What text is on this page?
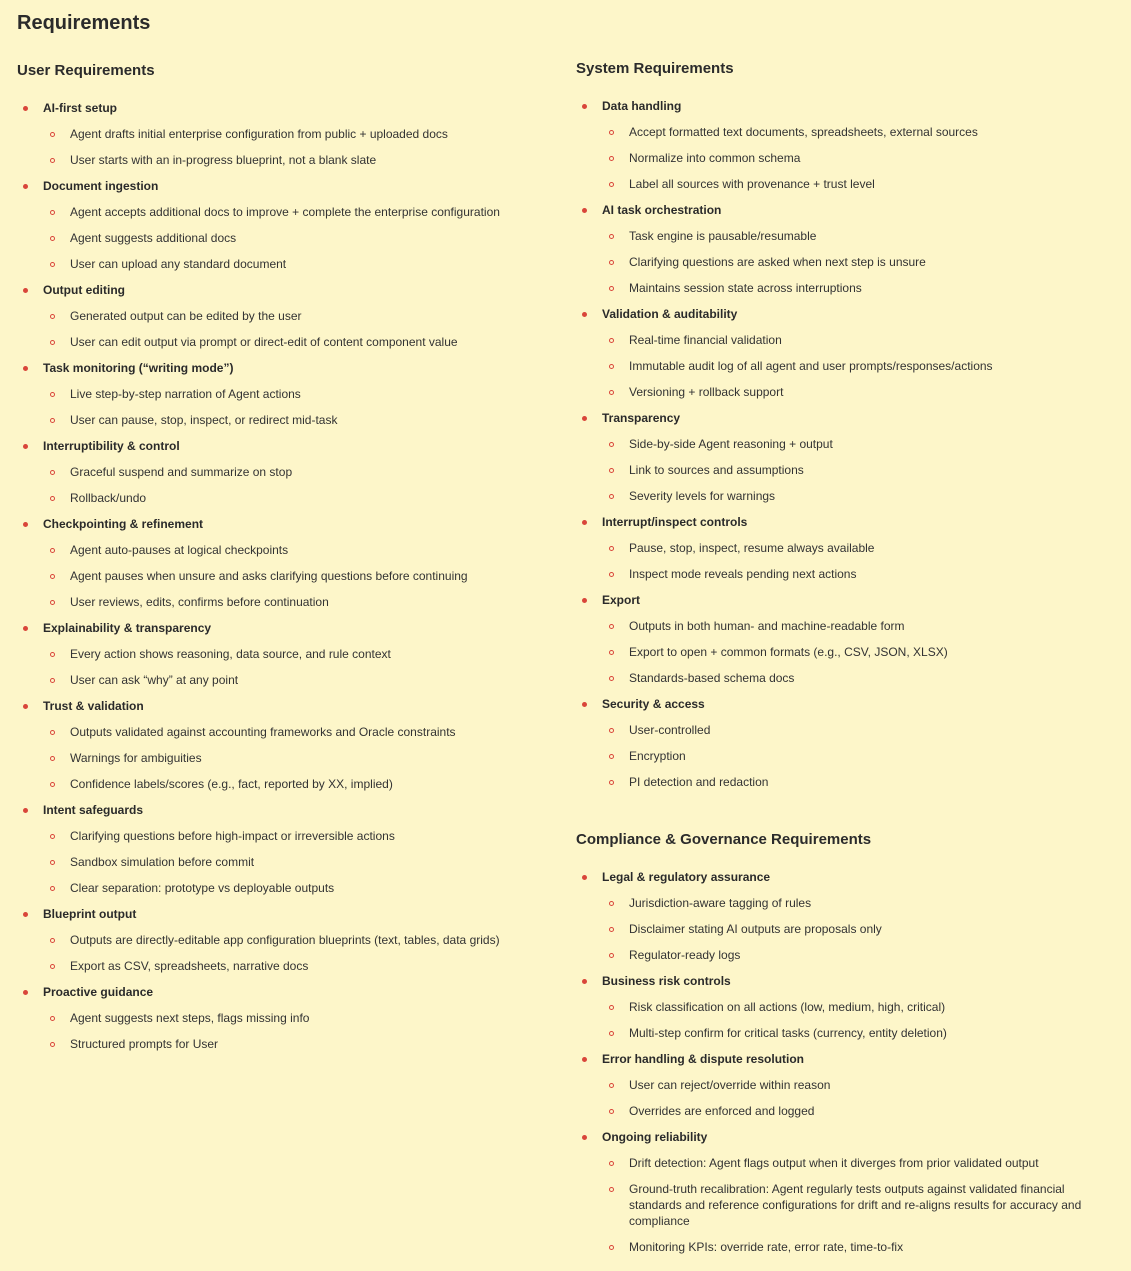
Requirements
User Requirements
AI-first setup
Agent drafts initial enterprise configuration from public + uploaded docs
User starts with an in-progress blueprint, not a blank slate
Document ingestion
Agent accepts additional docs to improve + complete the enterprise configuration
Agent suggests additional docs
User can upload any standard document
Output editing
Generated output can be edited by the user
User can edit output via prompt or direct-edit of content component value
Task monitoring (“writing mode”)
Live step-by-step narration of Agent actions
User can pause, stop, inspect, or redirect mid-task
Interruptibility & control
Graceful suspend and summarize on stop
Rollback/undo
Checkpointing & refinement
Agent auto-pauses at logical checkpoints
Agent pauses when unsure and asks clarifying questions before continuing
User reviews, edits, confirms before continuation
Explainability & transparency
Every action shows reasoning, data source, and rule context
User can ask “why” at any point
Trust & validation
Outputs validated against accounting frameworks and Oracle constraints
Warnings for ambiguities
Confidence labels/scores (e.g., fact, reported by XX, implied)
Intent safeguards
Clarifying questions before high-impact or irreversible actions
Sandbox simulation before commit
Clear separation: prototype vs deployable outputs
Blueprint output
Outputs are directly-editable app configuration blueprints (text, tables, data grids)
Export as CSV, spreadsheets, narrative docs
Proactive guidance
Agent suggests next steps, flags missing info
Structured prompts for User
System Requirements
Data handling
Accept formatted text documents, spreadsheets, external sources
Normalize into common schema
Label all sources with provenance + trust level
AI task orchestration
Task engine is pausable/resumable
Clarifying questions are asked when next step is unsure
Maintains session state across interruptions
Validation & auditability
Real-time financial validation
Immutable audit log of all agent and user prompts/responses/actions
Versioning + rollback support
Transparency
Side-by-side Agent reasoning + output
Link to sources and assumptions
Severity levels for warnings
Interrupt/inspect controls
Pause, stop, inspect, resume always available
Inspect mode reveals pending next actions
Export
Outputs in both human- and machine-readable form
Export to open + common formats (e.g., CSV, JSON, XLSX)
Standards-based schema docs
Security & access
User-controlled
Encryption
PI detection and redaction
Compliance & Governance Requirements
Legal & regulatory assurance
Jurisdiction-aware tagging of rules
Disclaimer stating AI outputs are proposals only
Regulator-ready logs
Business risk controls
Risk classification on all actions (low, medium, high, critical)
Multi-step confirm for critical tasks (currency, entity deletion)
Error handling & dispute resolution
User can reject/override within reason
Overrides are enforced and logged
Ongoing reliability
Drift detection: Agent flags output when it diverges from prior validated output
Ground-truth recalibration: Agent regularly tests outputs against validated financial standards and reference configurations for drift and re-aligns results for accuracy and compliance
Monitoring KPIs: override rate, error rate, time-to-fix
